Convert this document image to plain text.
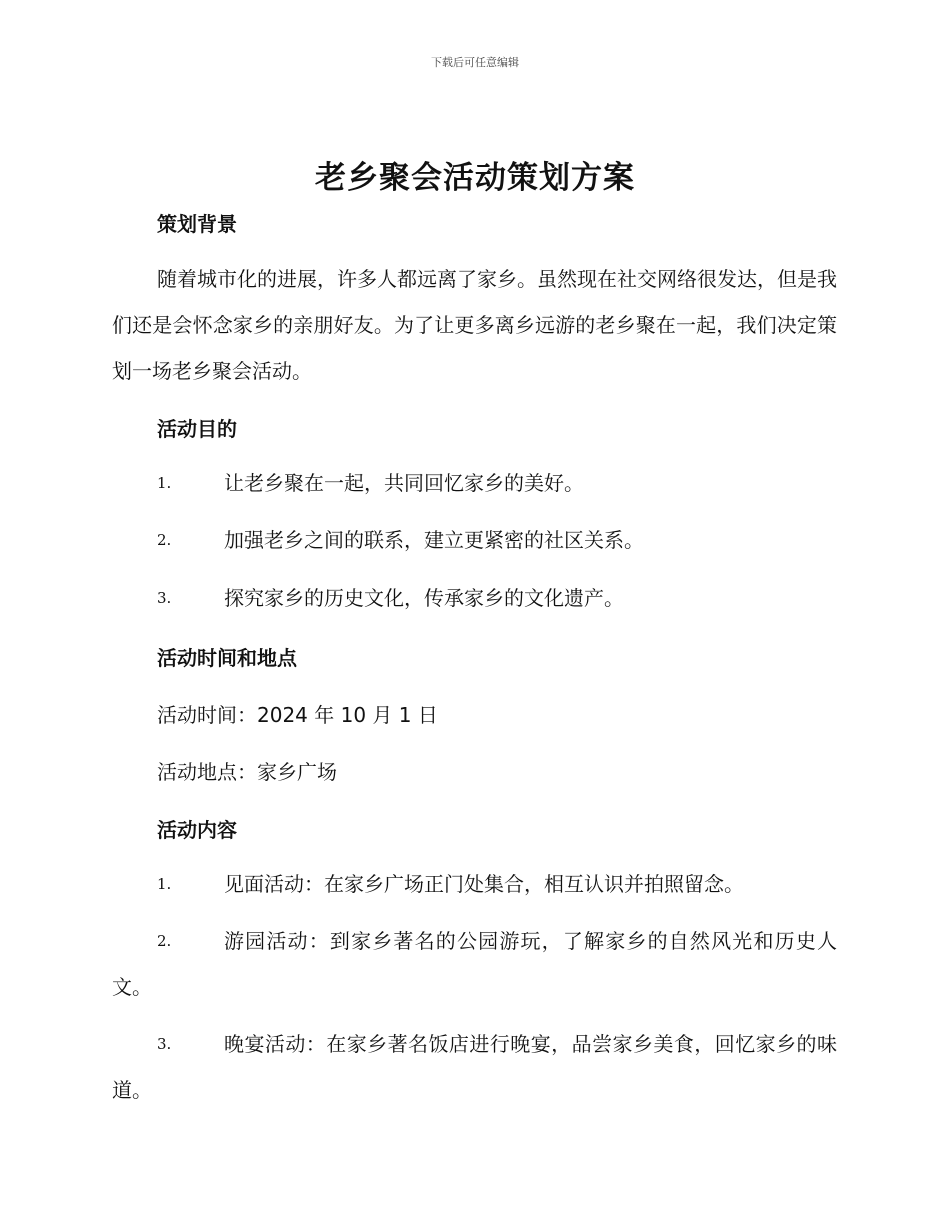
下载后可任意编辑
老乡聚会活动策划方案
策划背景
随着城市化的进展，许多人都远离了家乡。虽然现在社交网络很发达，但是我们还是会怀念家乡的亲朋好友。为了让更多离乡远游的老乡聚在一起，我们决定策划一场老乡聚会活动。
活动目的
1.	让老乡聚在一起，共同回忆家乡的美好。
2.	加强老乡之间的联系，建立更紧密的社区关系。
3.	探究家乡的历史文化，传承家乡的文化遗产。
活动时间和地点
活动时间：2024 年 10 月 1 日
活动地点：家乡广场
活动内容
1.	见面活动：在家乡广场正门处集合，相互认识并拍照留念。
2.	游园活动：到家乡著名的公园游玩，了解家乡的自然风光和历史人文。
3.	晚宴活动：在家乡著名饭店进行晚宴，品尝家乡美食，回忆家乡的味道。
